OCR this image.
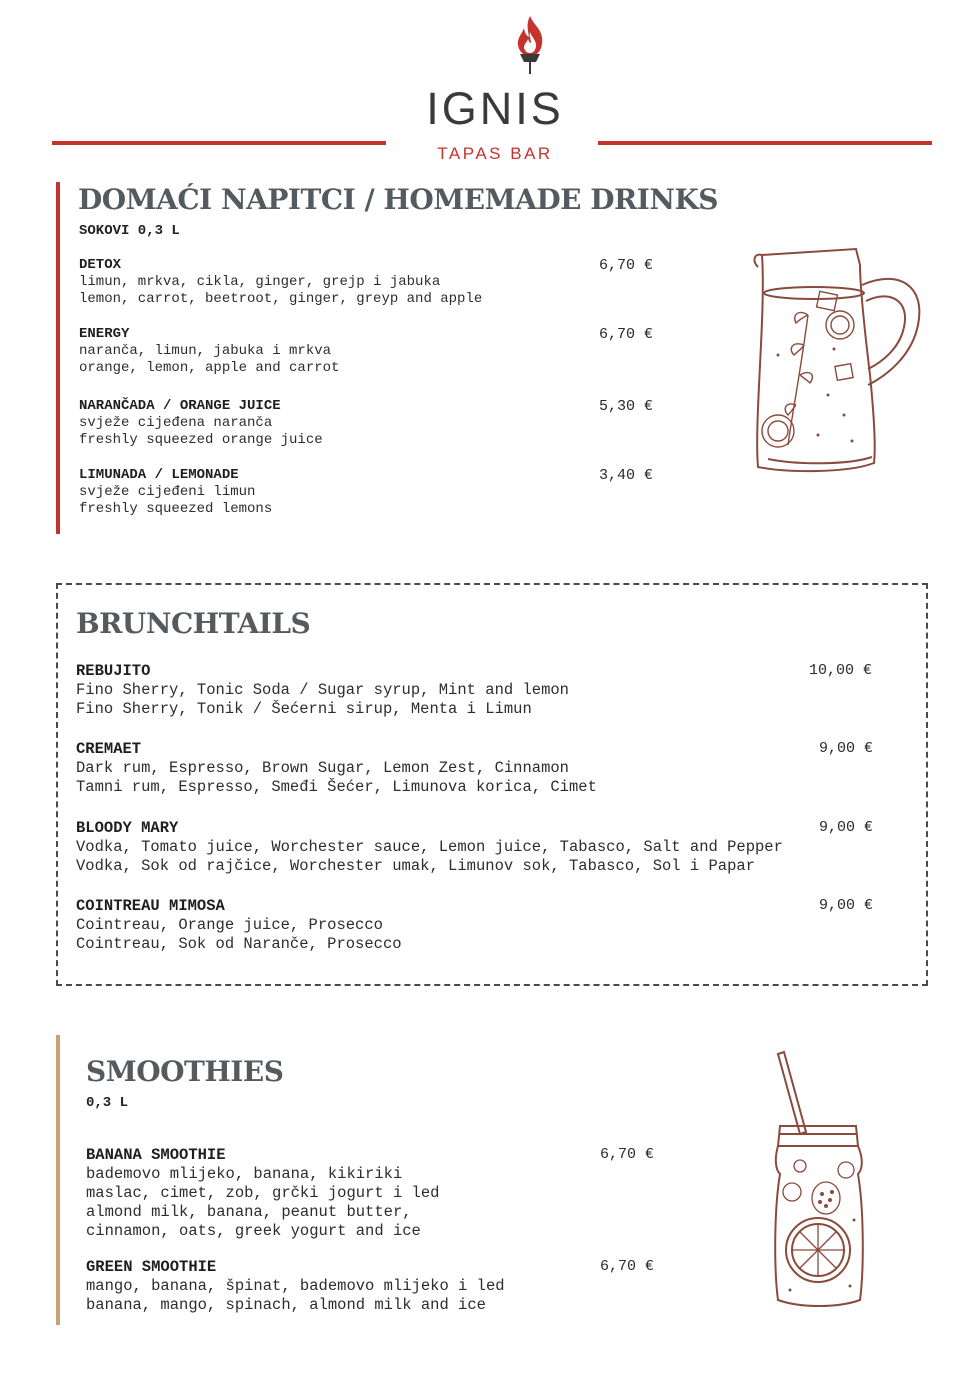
IGNIS
TAPAS BAR
DOMAĆI NAPITCI / HOMEMADE DRINKS
SOKOVI 0,3 L
DETOX
limun, mrkva, cikla, ginger, grejp i jabuka
lemon, carrot, beetroot, ginger, greyp and apple
6,70 €
ENERGY
naranča, limun, jabuka i mrkva
orange, lemon, apple and carrot
6,70 €
NARANČADA / ORANGE JUICE
svježe cijeđena naranča
freshly squeezed orange juice
5,30 €
LIMUNADA / LEMONADE
svježe cijeđeni limun
freshly squeezed lemons
3,40 €
BRUNCHTAILS
REBUJITO
Fino Sherry, Tonic Soda / Sugar syrup, Mint and lemon
Fino Sherry, Tonik / Šećerni sirup, Menta i Limun
10,00 €
CREMAET
Dark rum, Espresso, Brown Sugar, Lemon Zest, Cinnamon
Tamni rum, Espresso, Smeđi Šećer, Limunova korica, Cimet
9,00 €
BLOODY MARY
Vodka, Tomato juice, Worchester sauce, Lemon juice, Tabasco, Salt and Pepper
Vodka, Sok od rajčice, Worchester umak, Limunov sok, Tabasco, Sol i Papar
9,00 €
COINTREAU MIMOSA
Cointreau, Orange juice, Prosecco
Cointreau, Sok od Naranče, Prosecco
9,00 €
SMOOTHIES
0,3 L
BANANA SMOOTHIE
bademovo mlijeko, banana, kikiriki
maslac, cimet, zob, grčki jogurt i led
almond milk, banana, peanut butter,
cinnamon, oats, greek yogurt and ice
6,70 €
GREEN SMOOTHIE
mango, banana, špinat, bademovo mlijeko i led
banana, mango, spinach, almond milk and ice
6,70 €
